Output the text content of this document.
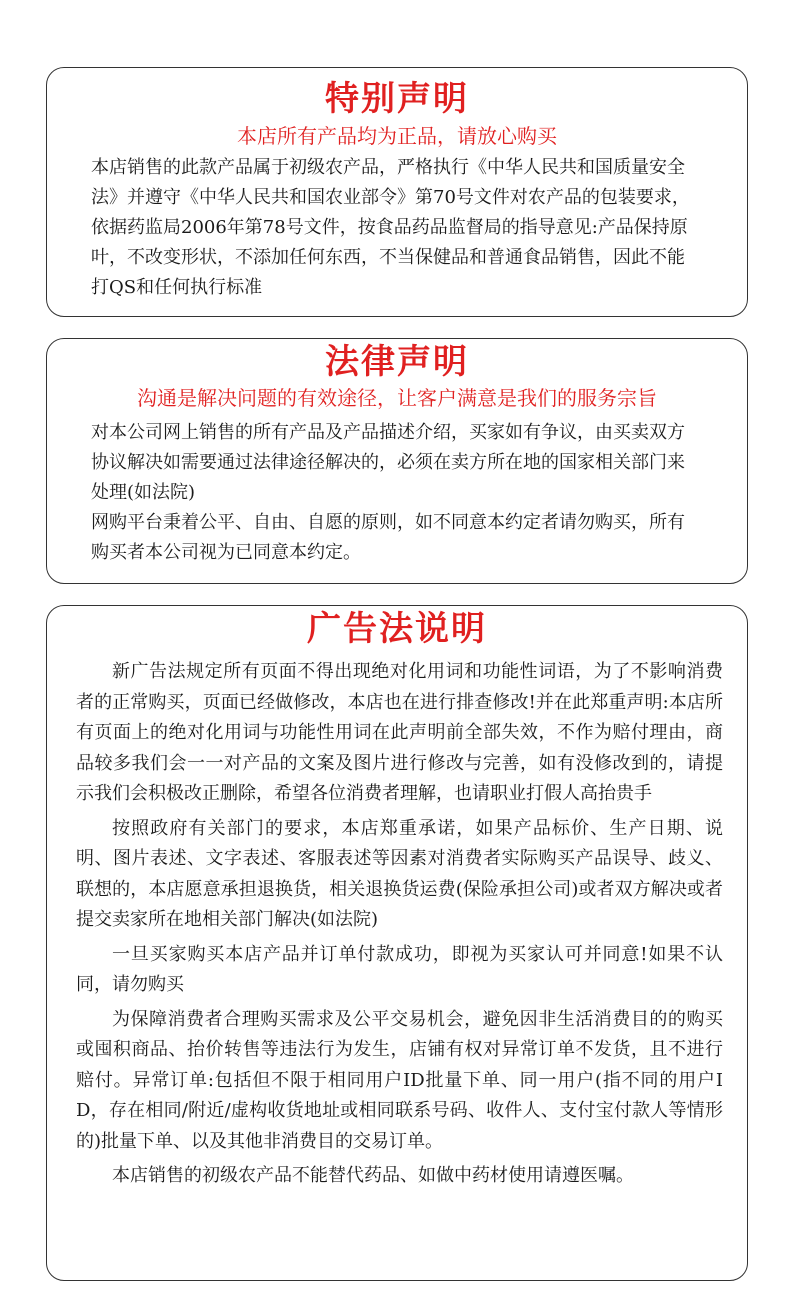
特别声明

本店所有产品均为正品，请放心购买

本店销售的此款产品属于初级农产品，严格执行《中华人民共和国质量安全法》并遵守《中华人民共和国农业部令》第70号文件对农产品的包装要求，依据药监局2006年第78号文件，按食品药品监督局的指导意见:产品保持原叶，不改变形状，不添加任何东西，不当保健品和普通食品销售，因此不能打QS和任何执行标准

法律声明

沟通是解决问题的有效途径，让客户满意是我们的服务宗旨

对本公司网上销售的所有产品及产品描述介绍，买家如有争议，由买卖双方协议解决如需要通过法律途径解决的，必须在卖方所在地的国家相关部门来处理(如法院)
网购平台秉着公平、自由、自愿的原则，如不同意本约定者请勿购买，所有购买者本公司视为已同意本约定。
广告法说明

新广告法规定所有页面不得出现绝对化用词和功能性词语，为了不影响消费者的正常购买，页面已经做修改，本店也在进行排查修改!并在此郑重声明:本店所有页面上的绝对化用词与功能性用词在此声明前全部失效，不作为赔付理由，商品较多我们会一一对产品的文案及图片进行修改与完善，如有没修改到的，请提示我们会积极改正删除，希望各位消费者理解，也请职业打假人高抬贵手

按照政府有关部门的要求，本店郑重承诺，如果产品标价、生产日期、说明、图片表述、文字表述、客服表述等因素对消费者实际购买产品误导、歧义、联想的，本店愿意承担退换货，相关退换货运费(保险承担公司)或者双方解决或者提交卖家所在地相关部门解决(如法院)

一旦买家购买本店产品并订单付款成功，即视为买家认可并同意!如果不认同，请勿购买

为保障消费者合理购买需求及公平交易机会，避免因非生活消费目的的购买或囤积商品、抬价转售等违法行为发生，店铺有权对异常订单不发货，且不进行赔付。异常订单:包括但不限于相同用户ID批量下单、同一用户(指不同的用户ID，存在相同/附近/虚构收货地址或相同联系号码、收件人、支付宝付款人等情形的)批量下单、以及其他非消费目的交易订单。

本店销售的初级农产品不能替代药品、如做中药材使用请遵医嘱。
